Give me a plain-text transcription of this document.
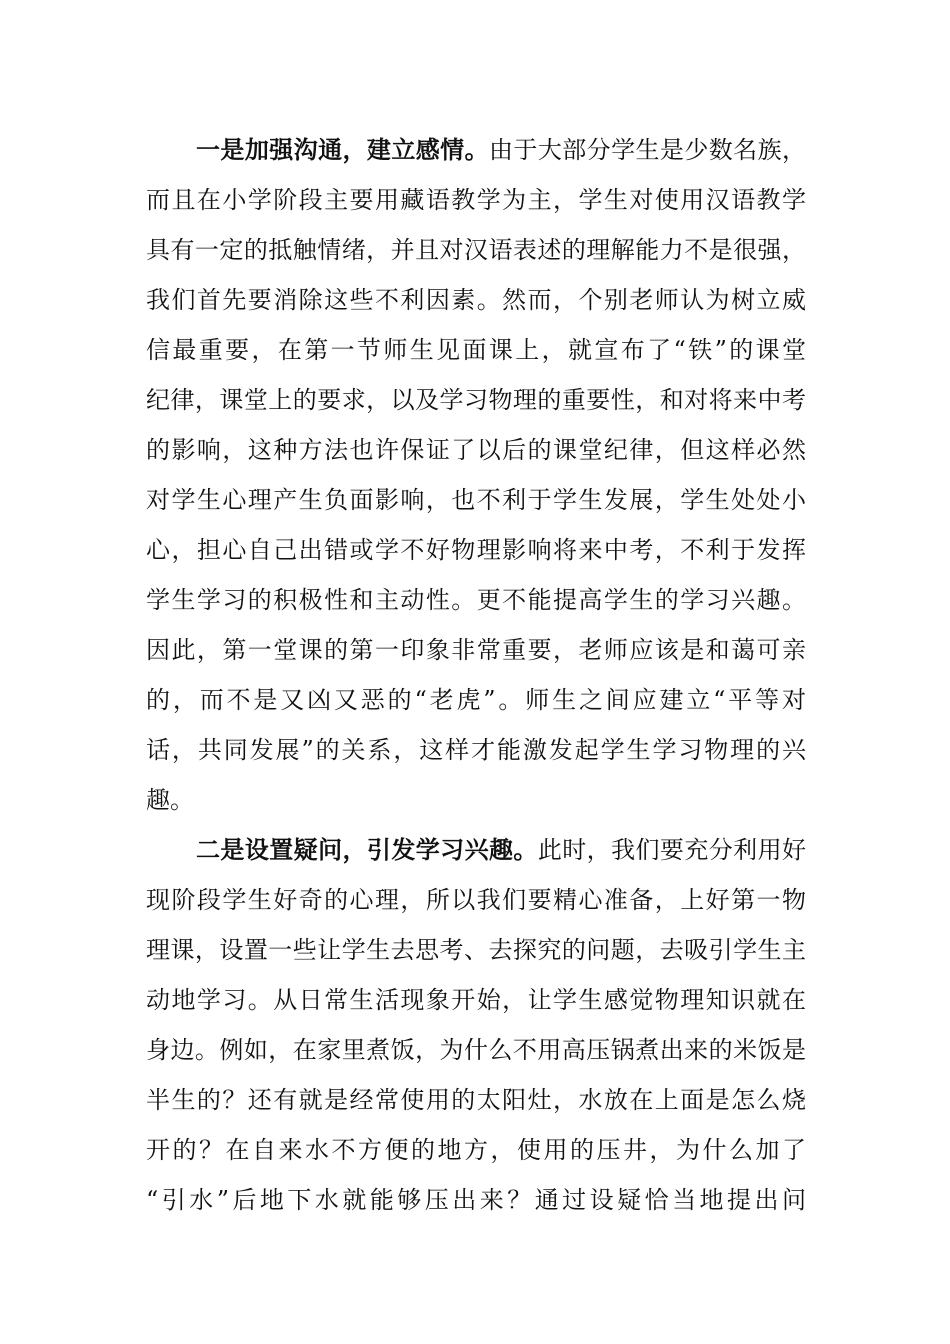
一是加强沟通，建立感情。由于大部分学生是少数名族，
而且在小学阶段主要用藏语教学为主，学生对使用汉语教学
具有一定的抵触情绪，并且对汉语表述的理解能力不是很强，
我们首先要消除这些不利因素。然而，个别老师认为树立威
信最重要，在第一节师生见面课上，就宣布了“铁”的课堂
纪律，课堂上的要求，以及学习物理的重要性，和对将来中考
的影响，这种方法也许保证了以后的课堂纪律，但这样必然
对学生心理产生负面影响，也不利于学生发展，学生处处小
心，担心自己出错或学不好物理影响将来中考，不利于发挥
学生学习的积极性和主动性。更不能提高学生的学习兴趣。
因此，第一堂课的第一印象非常重要，老师应该是和蔼可亲
的，而不是又凶又恶的“老虎”。师生之间应建立“平等对
话，共同发展”的关系，这样才能激发起学生学习物理的兴
趣。
二是设置疑问，引发学习兴趣。此时，我们要充分利用好
现阶段学生好奇的心理，所以我们要精心准备，上好第一物
理课，设置一些让学生去思考、去探究的问题，去吸引学生主
动地学习。从日常生活现象开始，让学生感觉物理知识就在
身边。例如，在家里煮饭，为什么不用高压锅煮出来的米饭是
半生的？还有就是经常使用的太阳灶，水放在上面是怎么烧
开的？在自来水不方便的地方，使用的压井，为什么加了
“引水”后地下水就能够压出来？通过设疑恰当地提出问
